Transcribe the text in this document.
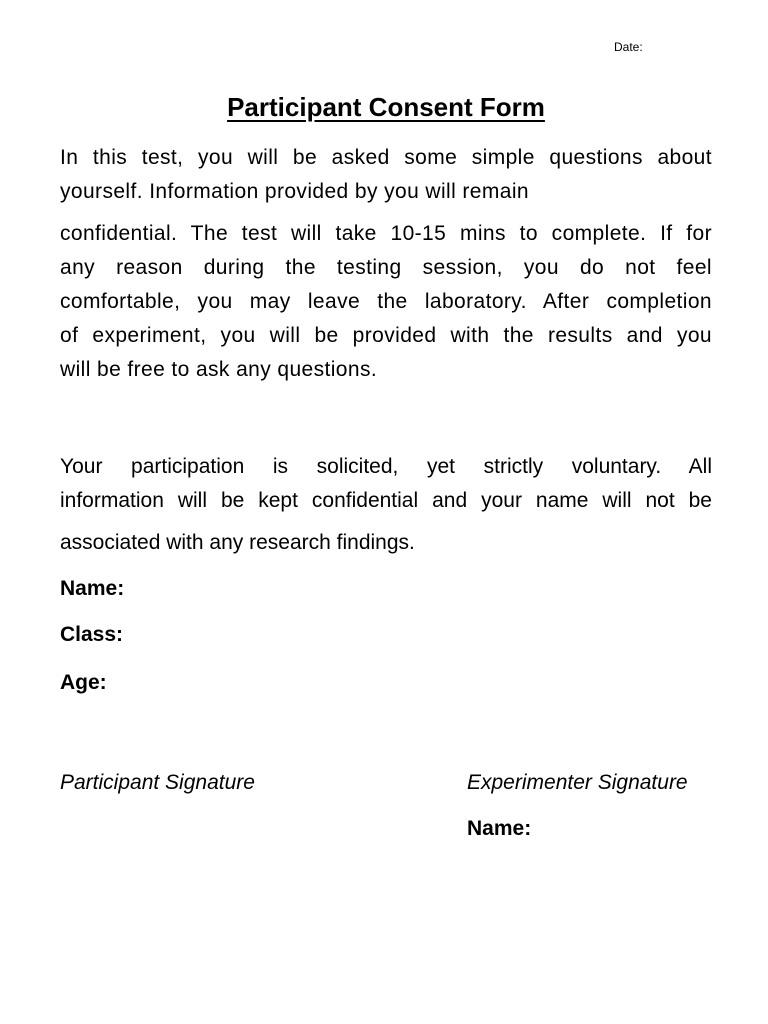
Date:
Participant Consent Form

In this test, you will be asked some simple questions about
yourself. Information provided by you will remain
confidential. The test will take 10-15 mins to complete. If for
any reason during the testing session, you do not feel
comfortable, you may leave the laboratory. After completion
of experiment, you will be provided with the results and you
will be free to ask any questions.

Your participation is solicited, yet strictly voluntary. All
information will be kept confidential and your name will not be
associated with any research findings.

Name:

Class:

Age:

Participant Signature	Experimenter Signature

Name:
